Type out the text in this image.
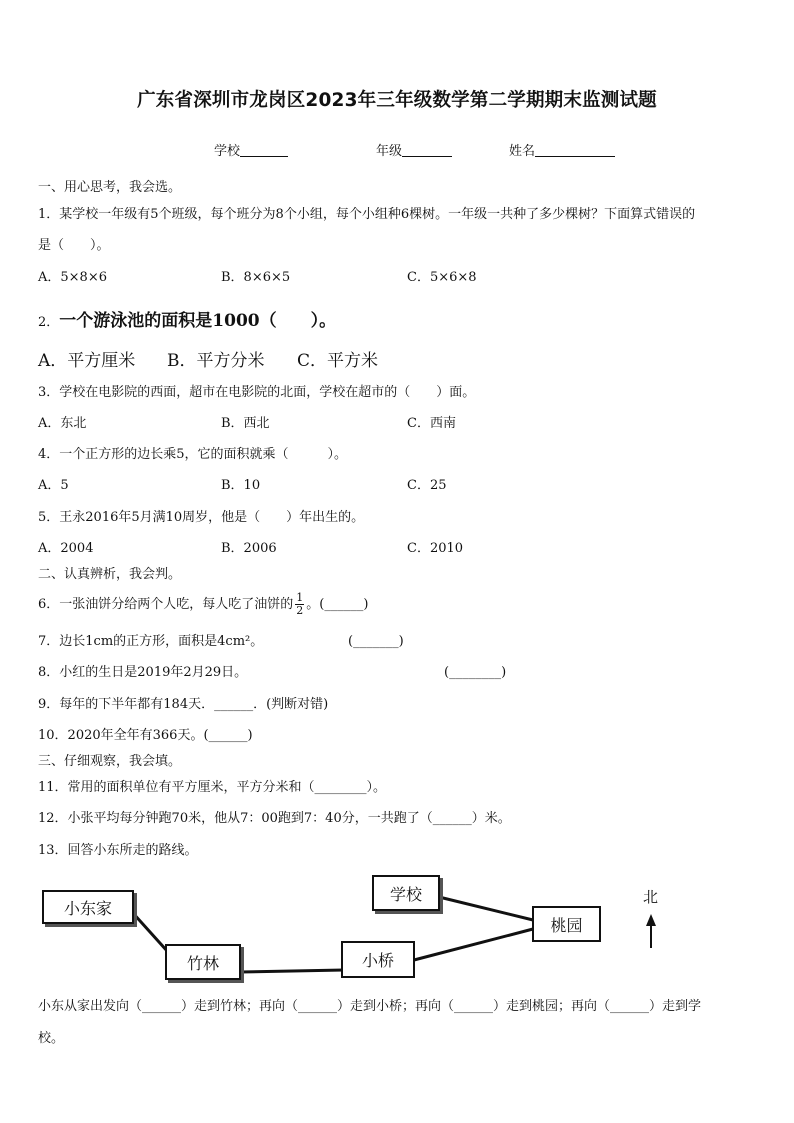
广东省深圳市龙岗区2023年三年级数学第二学期期末监测试题
学校	年级	姓名
一、用心思考，我会选。
1．某学校一年级有5个班级，每个班分为8个小组，每个小组种6棵树。一年级一共种了多少棵树？下面算式错误的
是（　　）。
A．5×8×6	B．8×6×5	C．5×6×8
2．一个游泳池的面积是1000（　　）。
A．平方厘米 B．平方分米 C．平方米
3．学校在电影院的西面，超市在电影院的北面，学校在超市的（　　）面。
A．东北	B．西北	C．西南
4．一个正方形的边长乘5，它的面积就乘（　　　）。
A．5	B．10	C．25
5．王永2016年5月满10周岁，他是（　　）年出生的。
A．2004	B．2006	C．2010
二、认真辨析，我会判。
6．一张油饼分给两个人吃，每人吃了油饼的 $\frac{1}{2}$ 。(______)
7．边长1cm的正方形，面积是4cm²。	(_______)
8．小红的生日是2019年2月29日。	(________)
9．每年的下半年都有184天．______．(判断对错)
10．2020年全年有366天。(______)
三、仔细观察，我会填。
11．常用的面积单位有平方厘米，平方分米和（________）。
12．小张平均每分钟跑70米，他从7：00跑到7：40分，一共跑了（______）米。
13．回答小东所走的路线。
小东家
竹林	小桥
学校
桃园
北
小东从家出发向（______）走到竹林；再向（______）走到小桥；再向（______）走到桃园；再向（______）走到学
校。
